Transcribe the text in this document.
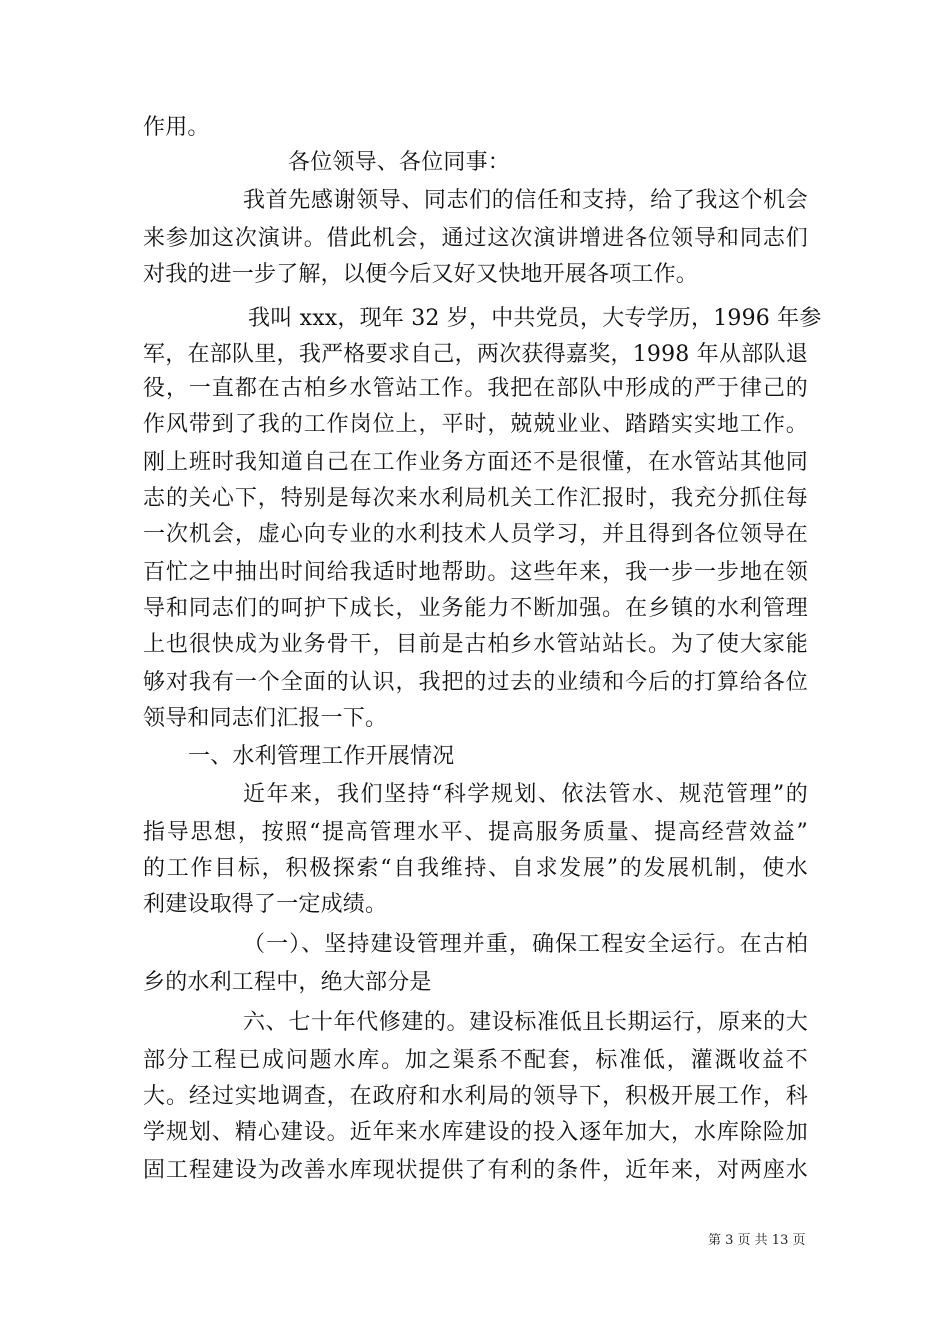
作用。
各位领导、各位同事：
我首先感谢领导、同志们的信任和支持，给了我这个机会
来参加这次演讲。借此机会，通过这次演讲增进各位领导和同志们
对我的进一步了解，以便今后又好又快地开展各项工作。
我叫 xxx，现年 32 岁，中共党员，大专学历，1996 年参
军，在部队里，我严格要求自己，两次获得嘉奖，1998 年从部队退
役，一直都在古柏乡水管站工作。我把在部队中形成的严于律己的
作风带到了我的工作岗位上，平时，兢兢业业、踏踏实实地工作。
刚上班时我知道自己在工作业务方面还不是很懂，在水管站其他同
志的关心下，特别是每次来水利局机关工作汇报时，我充分抓住每
一次机会，虚心向专业的水利技术人员学习，并且得到各位领导在
百忙之中抽出时间给我适时地帮助。这些年来，我一步一步地在领
导和同志们的呵护下成长，业务能力不断加强。在乡镇的水利管理
上也很快成为业务骨干，目前是古柏乡水管站站长。为了使大家能
够对我有一个全面的认识，我把的过去的业绩和今后的打算给各位
领导和同志们汇报一下。
一、水利管理工作开展情况
近年来，我们坚持“科学规划、依法管水、规范管理”的
指导思想，按照“提高管理水平、提高服务质量、提高经营效益”
的工作目标，积极探索“自我维持、自求发展”的发展机制，使水
利建设取得了一定成绩。
（一）、坚持建设管理并重，确保工程安全运行。在古柏
乡的水利工程中，绝大部分是
六、七十年代修建的。建设标准低且长期运行，原来的大
部分工程已成问题水库。加之渠系不配套，标准低，灌溉收益不
大。经过实地调查，在政府和水利局的领导下，积极开展工作，科
学规划、精心建设。近年来水库建设的投入逐年加大，水库除险加
固工程建设为改善水库现状提供了有利的条件，近年来，对两座水
第 3 页 共 13 页
